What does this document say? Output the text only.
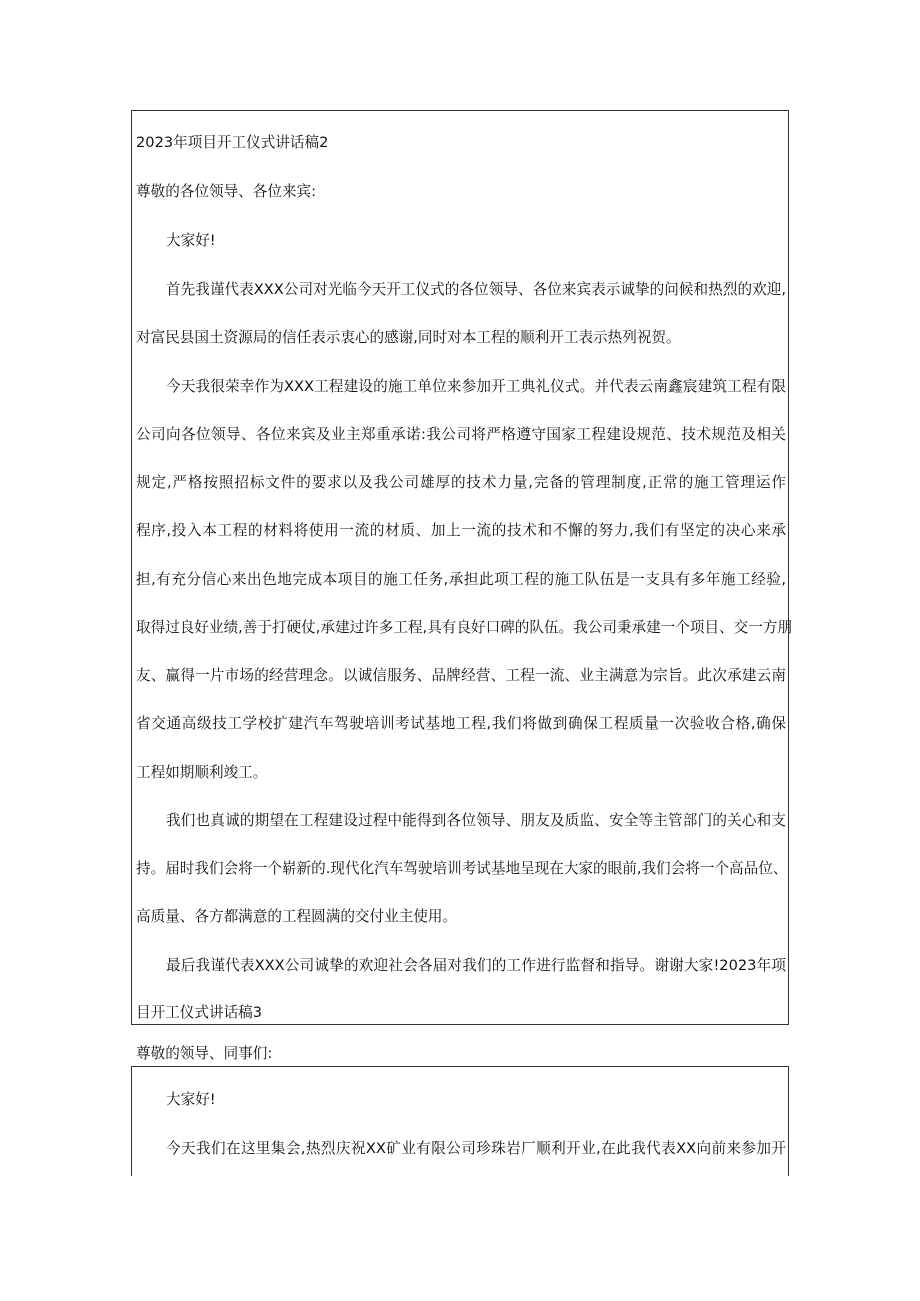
2023年项目开工仪式讲话稿2
尊敬的各位领导、各位来宾:
大家好!
首先我谨代表XXX公司对光临今天开工仪式的各位领导、各位来宾表示诚挚的问候和热烈的欢迎,
对富民县国土资源局的信任表示衷心的感谢,同时对本工程的顺利开工表示热列祝贺。
今天我很荣幸作为XXX工程建设的施工单位来参加开工典礼仪式。并代表云南鑫宸建筑工程有限
公司向各位领导、各位来宾及业主郑重承诺:我公司将严格遵守国家工程建设规范、技术规范及相关
规定,严格按照招标文件的要求以及我公司雄厚的技术力量,完备的管理制度,正常的施工管理运作
程序,投入本工程的材料将使用一流的材质、加上一流的技术和不懈的努力,我们有坚定的决心来承
担,有充分信心来出色地完成本项目的施工任务,承担此项工程的施工队伍是一支具有多年施工经验,
取得过良好业绩,善于打硬仗,承建过许多工程,具有良好口碑的队伍。我公司秉承建一个项目、交一方朋
友、赢得一片市场的经营理念。以诚信服务、品牌经营、工程一流、业主满意为宗旨。此次承建云南
省交通高级技工学校扩建汽车驾驶培训考试基地工程,我们将做到确保工程质量一次验收合格,确保
工程如期顺利竣工。
我们也真诚的期望在工程建设过程中能得到各位领导、朋友及质监、安全等主管部门的关心和支
持。届时我们会将一个崭新的.现代化汽车驾驶培训考试基地呈现在大家的眼前,我们会将一个高品位、
高质量、各方都满意的工程圆满的交付业主使用。
最后我谨代表XXX公司诚挚的欢迎社会各届对我们的工作进行监督和指导。谢谢大家!2023年项
目开工仪式讲话稿3
尊敬的领导、同事们:
大家好!
今天我们在这里集会,热烈庆祝XX矿业有限公司珍珠岩厂顺利开业,在此我代表XX向前来参加开
